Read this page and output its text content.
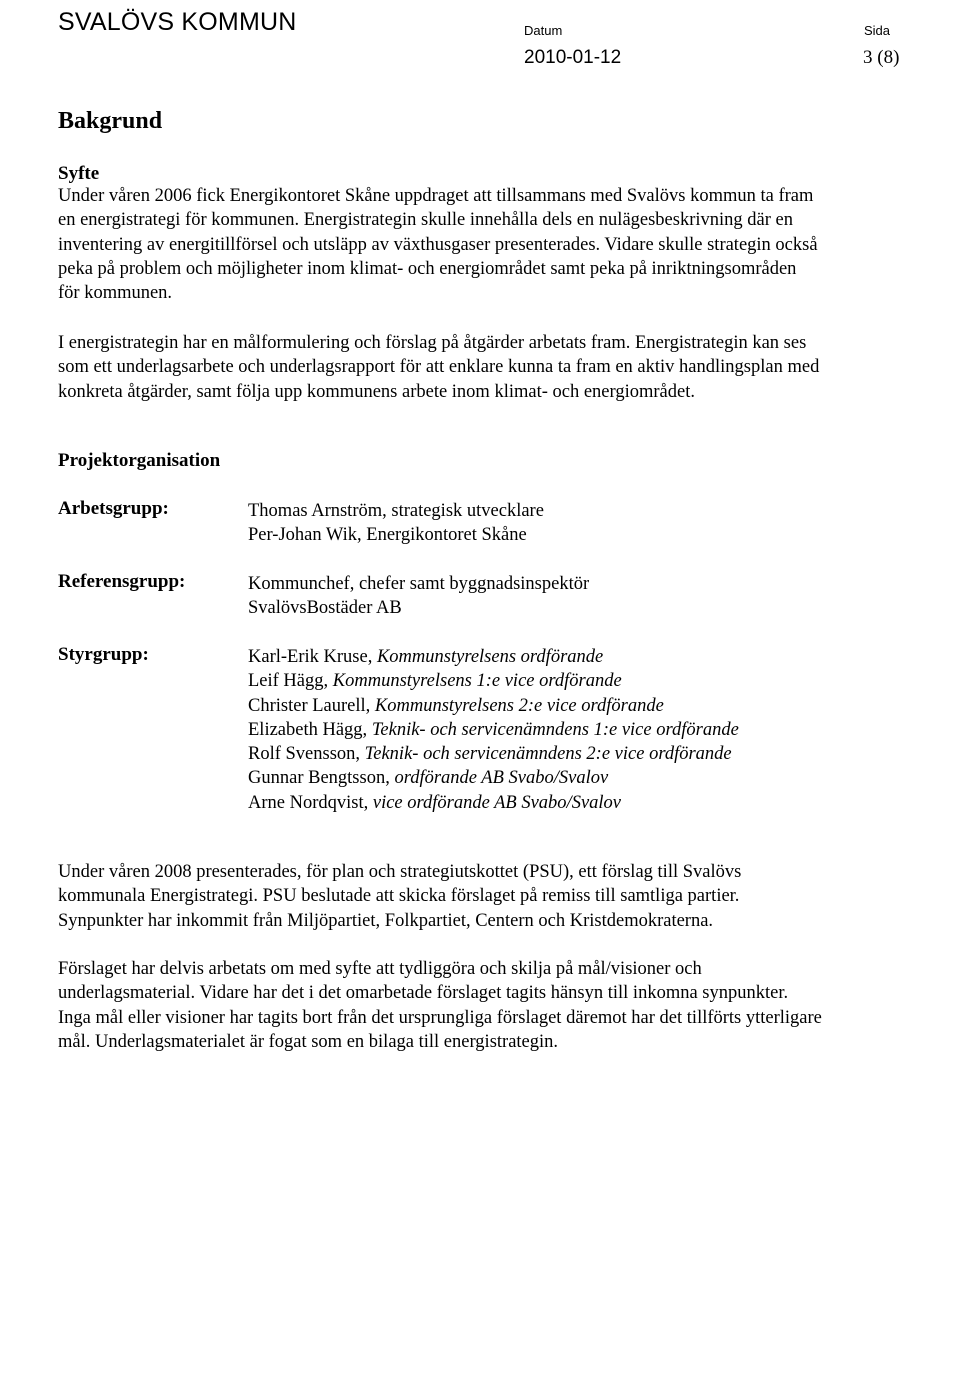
SVALÖVS KOMMUN	Datum	Sida
2010-01-12	3 (8)
Bakgrund
Syfte
Under våren 2006 fick Energikontoret Skåne uppdraget att tillsammans med Svalövs kommun ta fram
en energistrategi för kommunen. Energistrategin skulle innehålla dels en nulägesbeskrivning där en
inventering av energitillförsel och utsläpp av växthusgaser presenterades. Vidare skulle strategin också
peka på problem och möjligheter inom klimat- och energiområdet samt peka på inriktningsområden
för kommunen.
I energistrategin har en målformulering och förslag på åtgärder arbetats fram. Energistrategin kan ses
som ett underlagsarbete och underlagsrapport för att enklare kunna ta fram en aktiv handlingsplan med
konkreta åtgärder, samt följa upp kommunens arbete inom klimat- och energiområdet.
Projektorganisation
Arbetsgrupp:	Thomas Arnström, strategisk utvecklare
Per-Johan Wik, Energikontoret Skåne
Referensgrupp:	Kommunchef, chefer samt byggnadsinspektör
SvalövsBostäder AB
Styrgrupp:	Karl-Erik Kruse, Kommunstyrelsens ordförande
Leif Hägg, Kommunstyrelsens 1:e vice ordförande
Christer Laurell, Kommunstyrelsens 2:e vice ordförande
Elizabeth Hägg, Teknik- och servicenämndens 1:e vice ordförande
Rolf Svensson, Teknik- och servicenämndens 2:e vice ordförande
Gunnar Bengtsson, ordförande AB Svabo/Svalov
Arne Nordqvist, vice ordförande AB Svabo/Svalov
Under våren 2008 presenterades, för plan och strategiutskottet (PSU), ett förslag till Svalövs
kommunala Energistrategi. PSU beslutade att skicka förslaget på remiss till samtliga partier.
Synpunkter har inkommit från Miljöpartiet, Folkpartiet, Centern och Kristdemokraterna.
Förslaget har delvis arbetats om med syfte att tydliggöra och skilja på mål/visioner och
underlagsmaterial. Vidare har det i det omarbetade förslaget tagits hänsyn till inkomna synpunkter.
Inga mål eller visioner har tagits bort från det ursprungliga förslaget däremot har det tillförts ytterligare
mål. Underlagsmaterialet är fogat som en bilaga till energistrategin.
